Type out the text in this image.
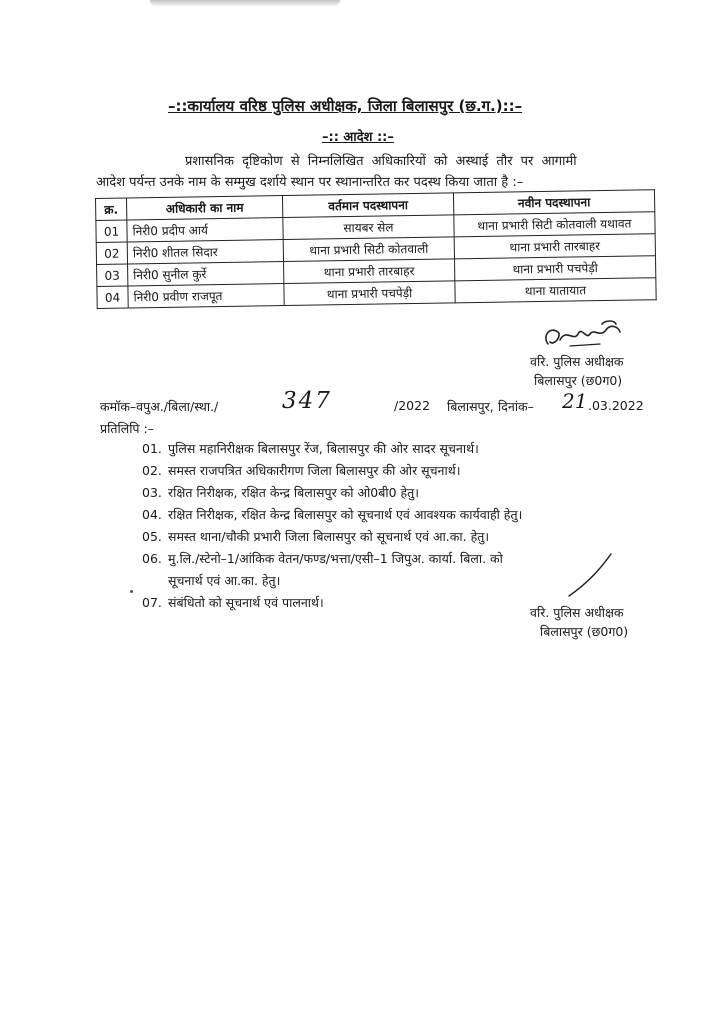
–::कार्यालय वरिष्ठ पुलिस अधीक्षक, जिला बिलासपुर (छ.ग.)::–
–:: आदेश ::–
प्रशासनिक दृष्टिकोण से निम्नलिखित अधिकारियों को अस्थाई तौर पर आगामी
आदेश पर्यन्त उनके नाम के सम्मुख दर्शाये स्थान पर स्थानान्तरित कर पदस्थ किया जाता है :–
क्र.	अधिकारी का नाम	वर्तमान पदस्थापना	नवीन पदस्थापना
01	निरी0 प्रदीप आर्य	सायबर सेल	थाना प्रभारी सिटी कोतवाली यथावत
02	निरी0 शीतल सिदार	थाना प्रभारी सिटी कोतवाली	थाना प्रभारी तारबाहर
03	निरी0 सुनील कुर्रे	थाना प्रभारी तारबाहर	थाना प्रभारी पचपेड़ी
04	निरी0 प्रवीण राजपूत	थाना प्रभारी पचपेड़ी	थाना यातायात
वरि. पुलिस अधीक्षक
बिलासपुर (छ0ग0)
कमॉक–वपुअ./बिला/स्था./	347	/2022 बिलासपुर, दिनांक– 21 .03.2022
प्रतिलिपि :–
01. पुलिस महानिरीक्षक बिलासपुर रेंज, बिलासपुर की ओर सादर सूचनार्थ।
02. समस्त राजपत्रित अधिकारीगण जिला बिलासपुर की ओर सूचनार्थ।
03. रक्षित निरीक्षक, रक्षित केन्द्र बिलासपुर को ओ0बी0 हेतु।
04. रक्षित निरीक्षक, रक्षित केन्द्र बिलासपुर को सूचनार्थ एवं आवश्यक कार्यवाही हेतु।
05. समस्त थाना/चौकी प्रभारी जिला बिलासपुर को सूचनार्थ एवं आ.का. हेतु।
06. मु.लि./स्टेनो–1/आंकिक वेतन/फण्ड/भत्ता/एसी–1 जिपुअ. कार्या. बिला. को
सूचनार्थ एवं आ.का. हेतु।
07. संबंधितो को सूचनार्थ एवं पालनार्थ।
वरि. पुलिस अधीक्षक
बिलासपुर (छ0ग0)
